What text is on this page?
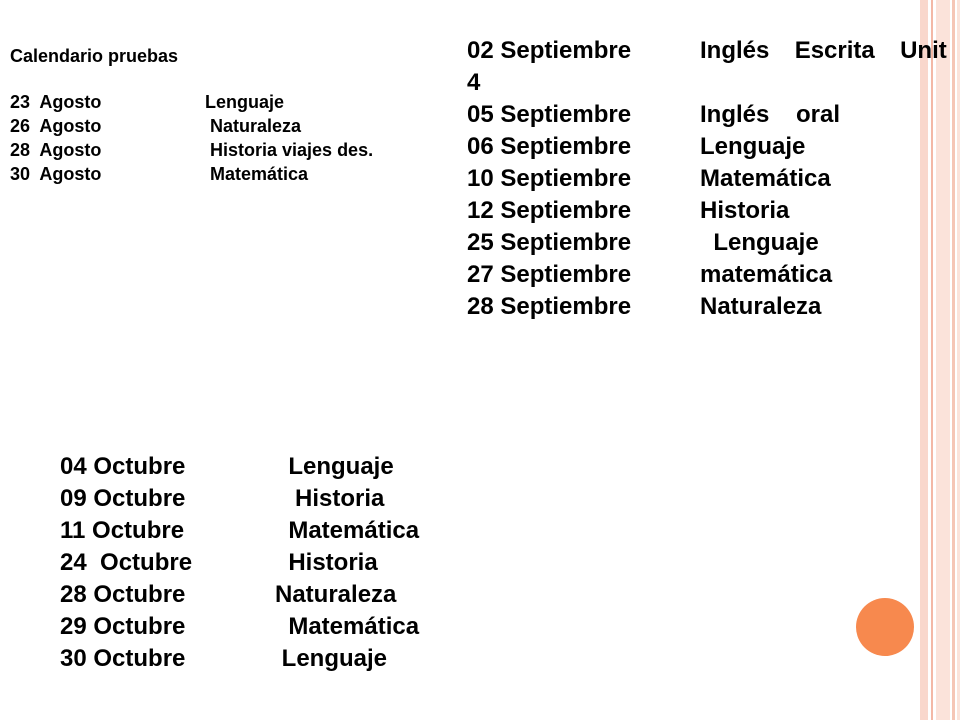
Calendario pruebas
23  Agosto	Lenguaje
26  Agosto	Naturaleza
28  Agosto	Historia viajes des.
30  Agosto	Matemática
02 Septiembre	Inglés  Escrita  Unit
4
05 Septiembre	Inglés    oral
06 Septiembre	Lenguaje
10 Septiembre	Matemática
12 Septiembre	Historia
25 Septiembre	Lenguaje
27 Septiembre	matemática
28 Septiembre	Naturaleza
04 Octubre	Lenguaje
09 Octubre	Historia
11 Octubre	Matemática
24  Octubre	Historia
28 Octubre	Naturaleza
29 Octubre	Matemática
30 Octubre	Lenguaje
